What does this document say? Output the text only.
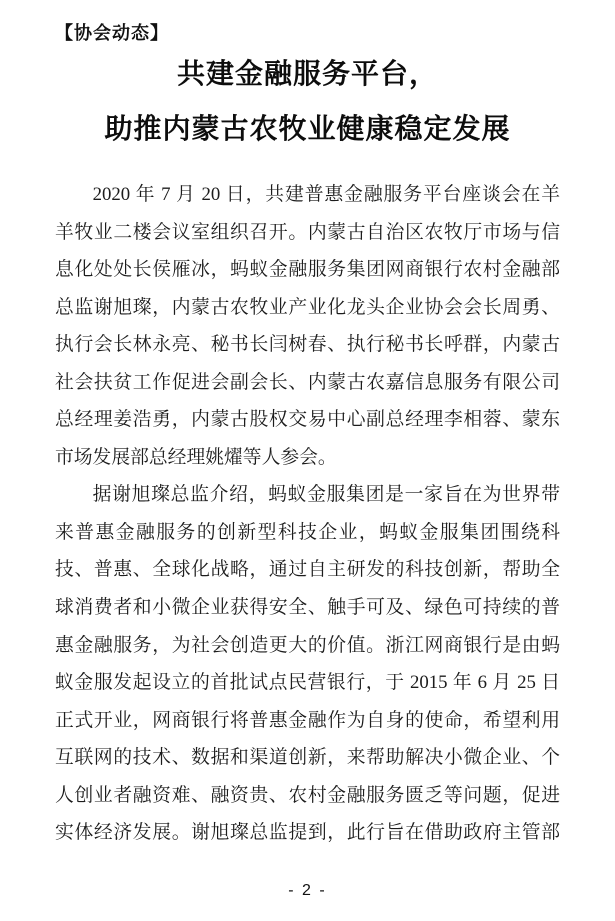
【协会动态】
共建金融服务平台，
助推内蒙古农牧业健康稳定发展
2020 年 7 月 20 日，共建普惠金融服务平台座谈会在羊
羊牧业二楼会议室组织召开。内蒙古自治区农牧厅市场与信
息化处处长侯雁冰，蚂蚁金融服务集团网商银行农村金融部
总监谢旭璨，内蒙古农牧业产业化龙头企业协会会长周勇、
执行会长林永亮、秘书长闫树春、执行秘书长呼群，内蒙古
社会扶贫工作促进会副会长、内蒙古农嘉信息服务有限公司
总经理姜浩勇，内蒙古股权交易中心副总经理李相蓉、蒙东
市场发展部总经理姚燿等人参会。
据谢旭璨总监介绍，蚂蚁金服集团是一家旨在为世界带
来普惠金融服务的创新型科技企业，蚂蚁金服集团围绕科
技、普惠、全球化战略，通过自主研发的科技创新，帮助全
球消费者和小微企业获得安全、触手可及、绿色可持续的普
惠金融服务，为社会创造更大的价值。浙江网商银行是由蚂
蚁金服发起设立的首批试点民营银行，于 2015 年 6 月 25 日
正式开业，网商银行将普惠金融作为自身的使命，希望利用
互联网的技术、数据和渠道创新，来帮助解决小微企业、个
人创业者融资难、融资贵、农村金融服务匮乏等问题，促进
实体经济发展。谢旭璨总监提到，此行旨在借助政府主管部
- 2 -
